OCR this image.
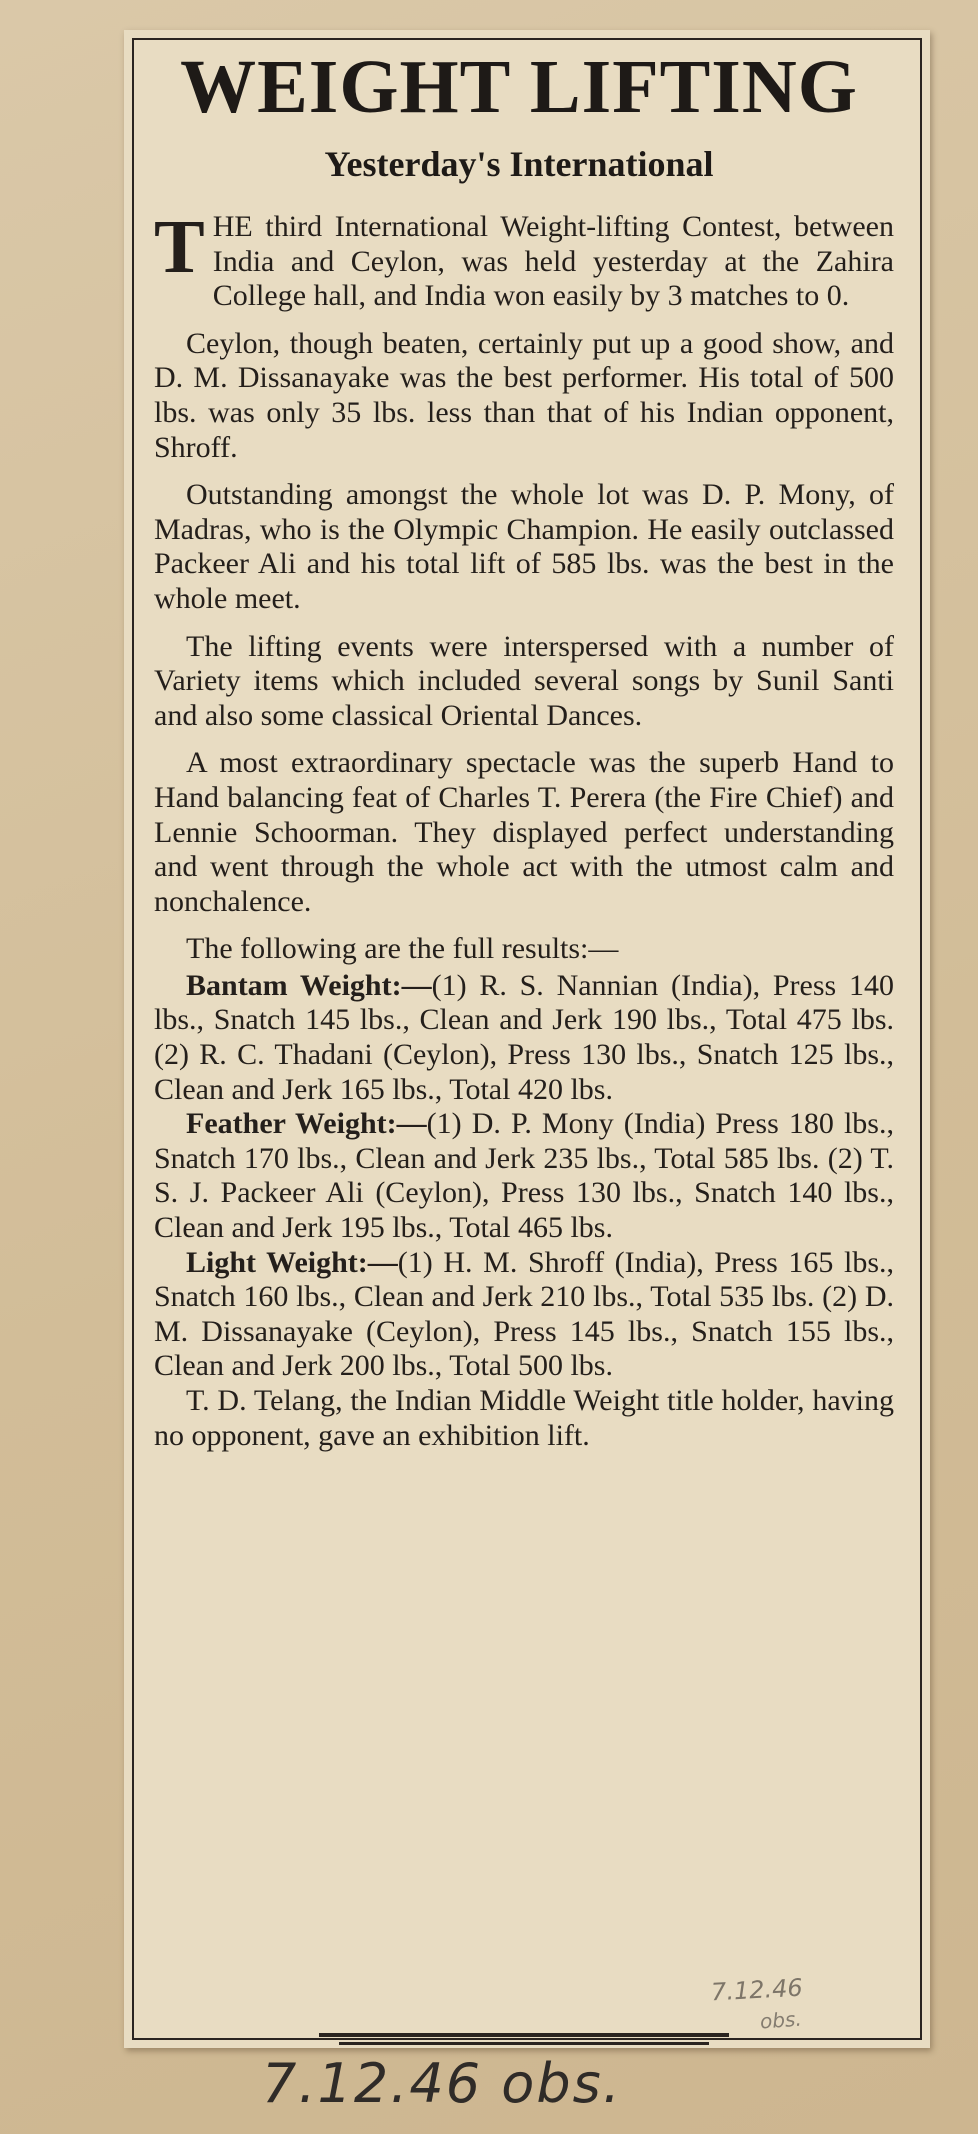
WEIGHT LIFTING
Yesterday's International

THE third International Weight-lifting Contest, between India and Ceylon, was held yesterday at the Zahira College hall, and India won easily by 3 matches to 0.

Ceylon, though beaten, certainly put up a good show, and D. M. Dissanayake was the best performer. His total of 500 lbs. was only 35 lbs. less than that of his Indian opponent, Shroff.

Outstanding amongst the whole lot was D. P. Mony, of Madras, who is the Olympic Champion. He easily outclassed Packeer Ali and his total lift of 585 lbs. was the best in the whole meet.

The lifting events were interspersed with a number of Variety items which included several songs by Sunil Santi and also some classical Oriental Dances.

A most extraordinary spectacle was the superb Hand to Hand balancing feat of Charles T. Perera (the Fire Chief) and Lennie Schoorman. They displayed perfect understanding and went through the whole act with the utmost calm and nonchalence.

The following are the full results:—

Bantam Weight:—(1) R. S. Nannian (India), Press 140 lbs., Snatch 145 lbs., Clean and Jerk 190 lbs., Total 475 lbs. (2) R. C. Thadani (Ceylon), Press 130 lbs., Snatch 125 lbs., Clean and Jerk 165 lbs., Total 420 lbs.

Feather Weight:—(1) D. P. Mony (India) Press 180 lbs., Snatch 170 lbs., Clean and Jerk 235 lbs., Total 585 lbs. (2) T. S. J. Packeer Ali (Ceylon), Press 130 lbs., Snatch 140 lbs., Clean and Jerk 195 lbs., Total 465 lbs.

Light Weight:—(1) H. M. Shroff (India), Press 165 lbs., Snatch 160 lbs., Clean and Jerk 210 lbs., Total 535 lbs. (2) D. M. Dissanayake (Ceylon), Press 145 lbs., Snatch 155 lbs., Clean and Jerk 200 lbs., Total 500 lbs.

T. D. Telang, the Indian Middle Weight title holder, having no opponent, gave an exhibition lift.

7.12.46
obs.
7.12.46 obs.
